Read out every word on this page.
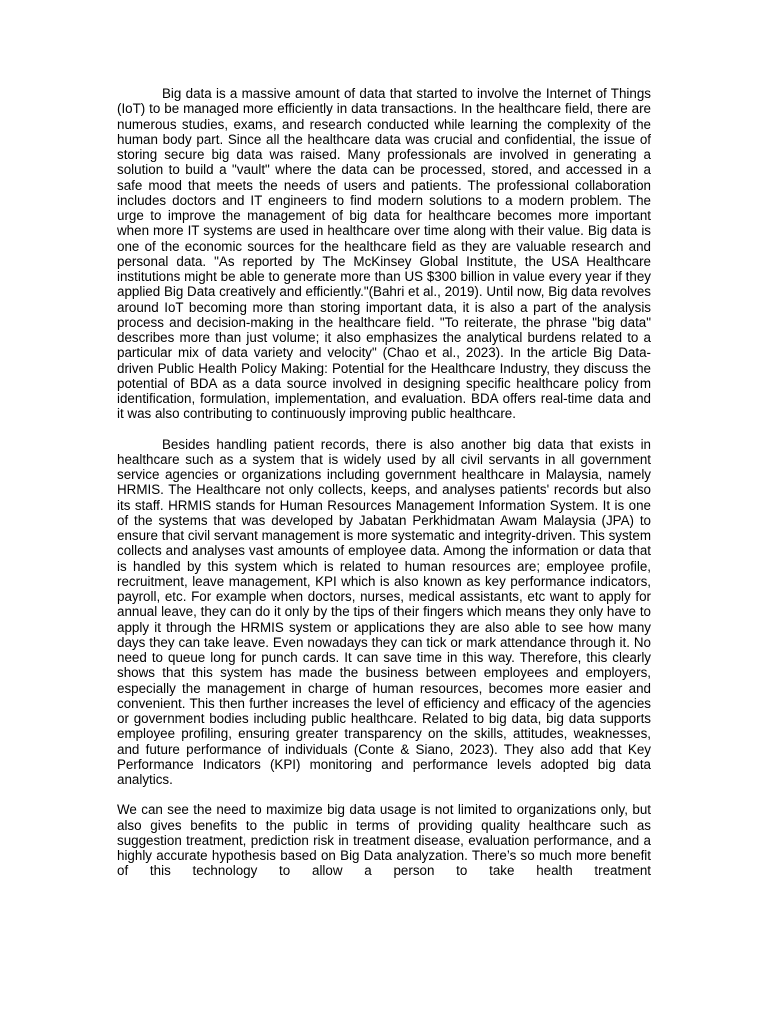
Big data is a massive amount of data that started to involve the Internet of Things (IoT) to be managed more efficiently in data transactions. In the healthcare field, there are numerous studies, exams, and research conducted while learning the complexity of the human body part. Since all the healthcare data was crucial and confidential, the issue of storing secure big data was raised. Many professionals are involved in generating a solution to build a "vault" where the data can be processed, stored, and accessed in a safe mood that meets the needs of users and patients. The professional collaboration includes doctors and IT engineers to find modern solutions to a modern problem. The urge to improve the management of big data for healthcare becomes more important when more IT systems are used in healthcare over time along with their value. Big data is one of the economic sources for the healthcare field as they are valuable research and personal data. "As reported by The McKinsey Global Institute, the USA Healthcare institutions might be able to generate more than US $300 billion in value every year if they applied Big Data creatively and efficiently."(Bahri et al., 2019). Until now, Big data revolves around IoT becoming more than storing important data, it is also a part of the analysis process and decision-making in the healthcare field. "To reiterate, the phrase "big data" describes more than just volume; it also emphasizes the analytical burdens related to a particular mix of data variety and velocity" (Chao et al., 2023). In the article Big Data-driven Public Health Policy Making: Potential for the Healthcare Industry, they discuss the potential of BDA as a data source involved in designing specific healthcare policy from identification, formulation, implementation, and evaluation. BDA offers real-time data and it was also contributing to continuously improving public healthcare.

Besides handling patient records, there is also another big data that exists in healthcare such as a system that is widely used by all civil servants in all government service agencies or organizations including government healthcare in Malaysia, namely HRMIS. The Healthcare not only collects, keeps, and analyses patients' records but also its staff. HRMIS stands for Human Resources Management Information System. It is one of the systems that was developed by Jabatan Perkhidmatan Awam Malaysia (JPA) to ensure that civil servant management is more systematic and integrity-driven. This system collects and analyses vast amounts of employee data. Among the information or data that is handled by this system which is related to human resources are; employee profile, recruitment, leave management, KPI which is also known as key performance indicators, payroll, etc. For example when doctors, nurses, medical assistants, etc want to apply for annual leave, they can do it only by the tips of their fingers which means they only have to apply it through the HRMIS system or applications they are also able to see how many days they can take leave. Even nowadays they can tick or mark attendance through it. No need to queue long for punch cards. It can save time in this way. Therefore, this clearly shows that this system has made the business between employees and employers, especially the management in charge of human resources, becomes more easier and convenient. This then further increases the level of efficiency and efficacy of the agencies or government bodies including public healthcare. Related to big data, big data supports employee profiling, ensuring greater transparency on the skills, attitudes, weaknesses, and future performance of individuals (Conte & Siano, 2023). They also add that Key Performance Indicators (KPI) monitoring and performance levels adopted big data analytics.

We can see the need to maximize big data usage is not limited to organizations only, but also gives benefits to the public in terms of providing quality healthcare such as suggestion treatment, prediction risk in treatment disease, evaluation performance, and a highly accurate hypothesis based on Big Data analyzation. There’s so much more benefit of this technology to allow a person to take health treatment
